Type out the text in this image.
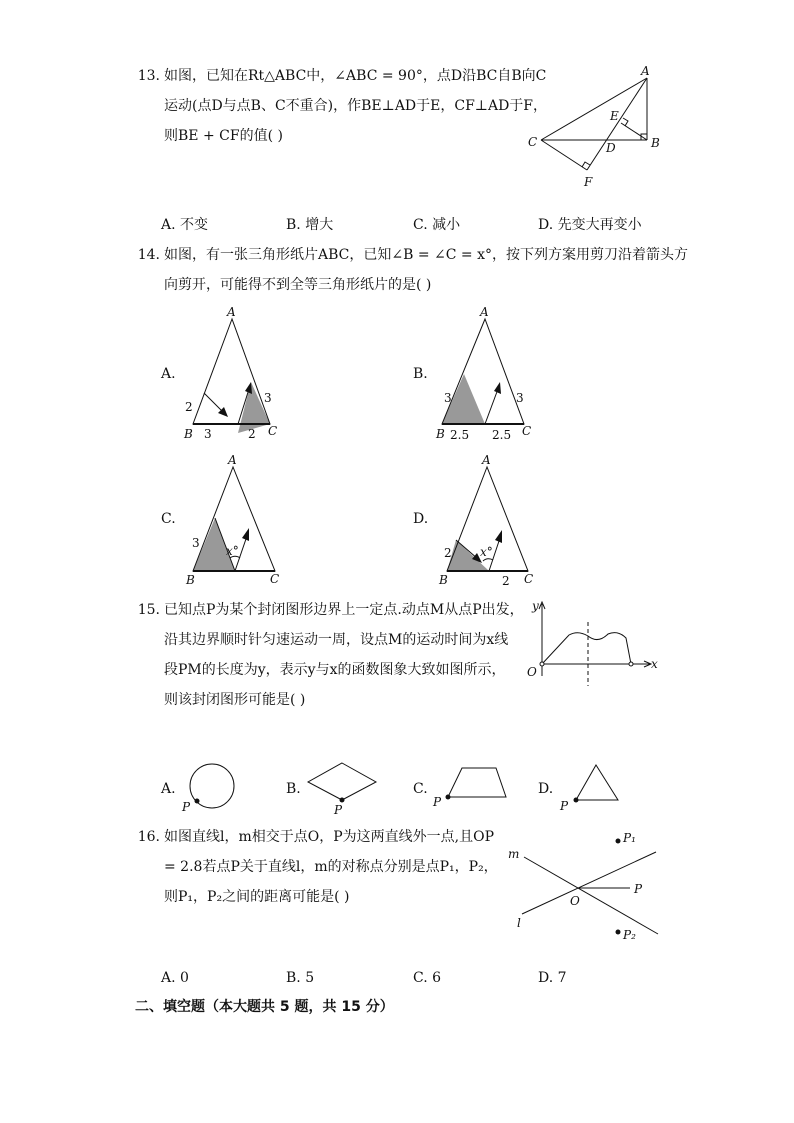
13. 如图，已知在Rt△ABC中，∠ABC = 90°，点D沿BC自B向C
运动(点D与点B、C不重合)，作BE⊥AD于E，CF⊥AD于F，
则BE + CF的值( )
A
B
C	D
E
F
A. 不变	B. 增大	C. 减小	D. 先变大再变小
14. 如图，有一张三角形纸片ABC，已知∠B = ∠C = x°，按下列方案用剪刀沿着箭头方
向剪开，可能得不到全等三角形纸片的是( )
A.
A
B	C
2
3	2
3
B.
A
B	C
3
2.5 2.5
3
C.
A
B	C
3
x°
D.
A
B	C
2 x°
2
15. 已知点P为某个封闭图形边界上一定点.动点M从点P出发，
沿其边界顺时针匀速运动一周，设点M的运动时间为x线
段PM的长度为y，表示y与x的函数图象大致如图所示，
则该封闭图形可能是( )
y
x
O
A.
P
B.
P
C.
P
D.
P
16. 如图直线l，m相交于点O，P为这两直线外一点,且OP
= 2.8若点P关于直线l，m的对称点分别是点P₁，P₂，
则P₁，P₂之间的距离可能是( )
m
l
O
P
P₁
P₂
A. 0	B. 5	C. 6	D. 7
二、填空题（本大题共 5 题，共 15 分）
